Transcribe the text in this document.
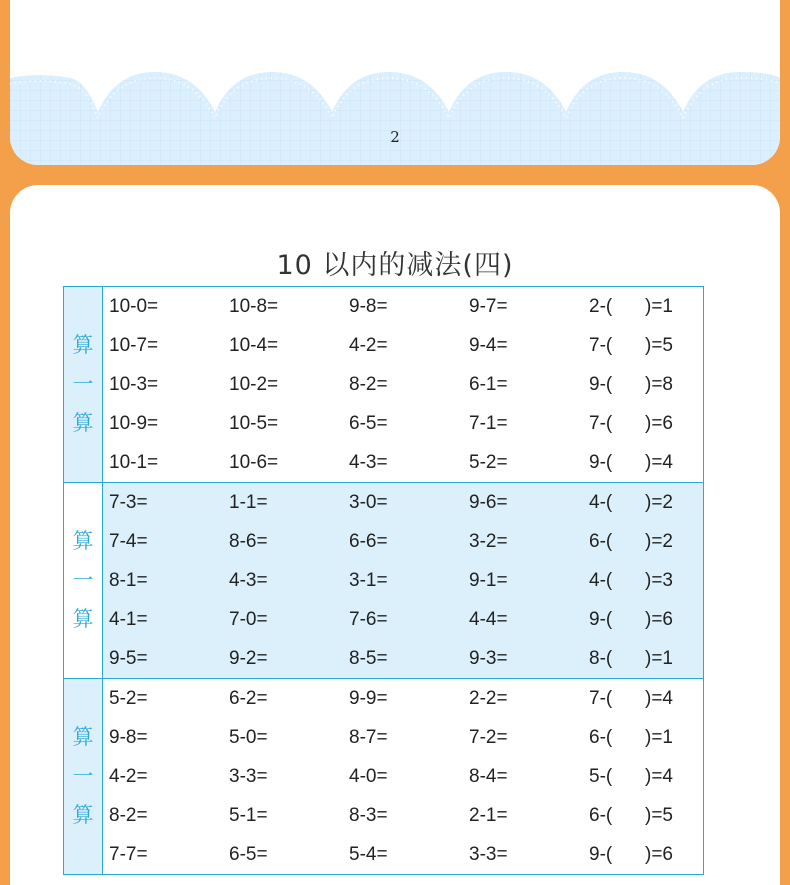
2
10 以内的减法(四)
算
一
算
10-0=	10-8=	9-8=	9-7=	2-(	)=1
10-7=	10-4=	4-2=	9-4=	7-(	)=5
10-3=	10-2=	8-2=	6-1=	9-(	)=8
10-9=	10-5=	6-5=	7-1=	7-(	)=6
10-1=	10-6=	4-3=	5-2=	9-(	)=4
算
一
算
7-3=	1-1=	3-0=	9-6=	4-(	)=2
7-4=	8-6=	6-6=	3-2=	6-(	)=2
8-1=	4-3=	3-1=	9-1=	4-(	)=3
4-1=	7-0=	7-6=	4-4=	9-(	)=6
9-5=	9-2=	8-5=	9-3=	8-(	)=1
算
一
算
5-2=	6-2=	9-9=	2-2=	7-(	)=4
9-8=	5-0=	8-7=	7-2=	6-(	)=1
4-2=	3-3=	4-0=	8-4=	5-(	)=4
8-2=	5-1=	8-3=	2-1=	6-(	)=5
7-7=	6-5=	5-4=	3-3=	9-(	)=6
